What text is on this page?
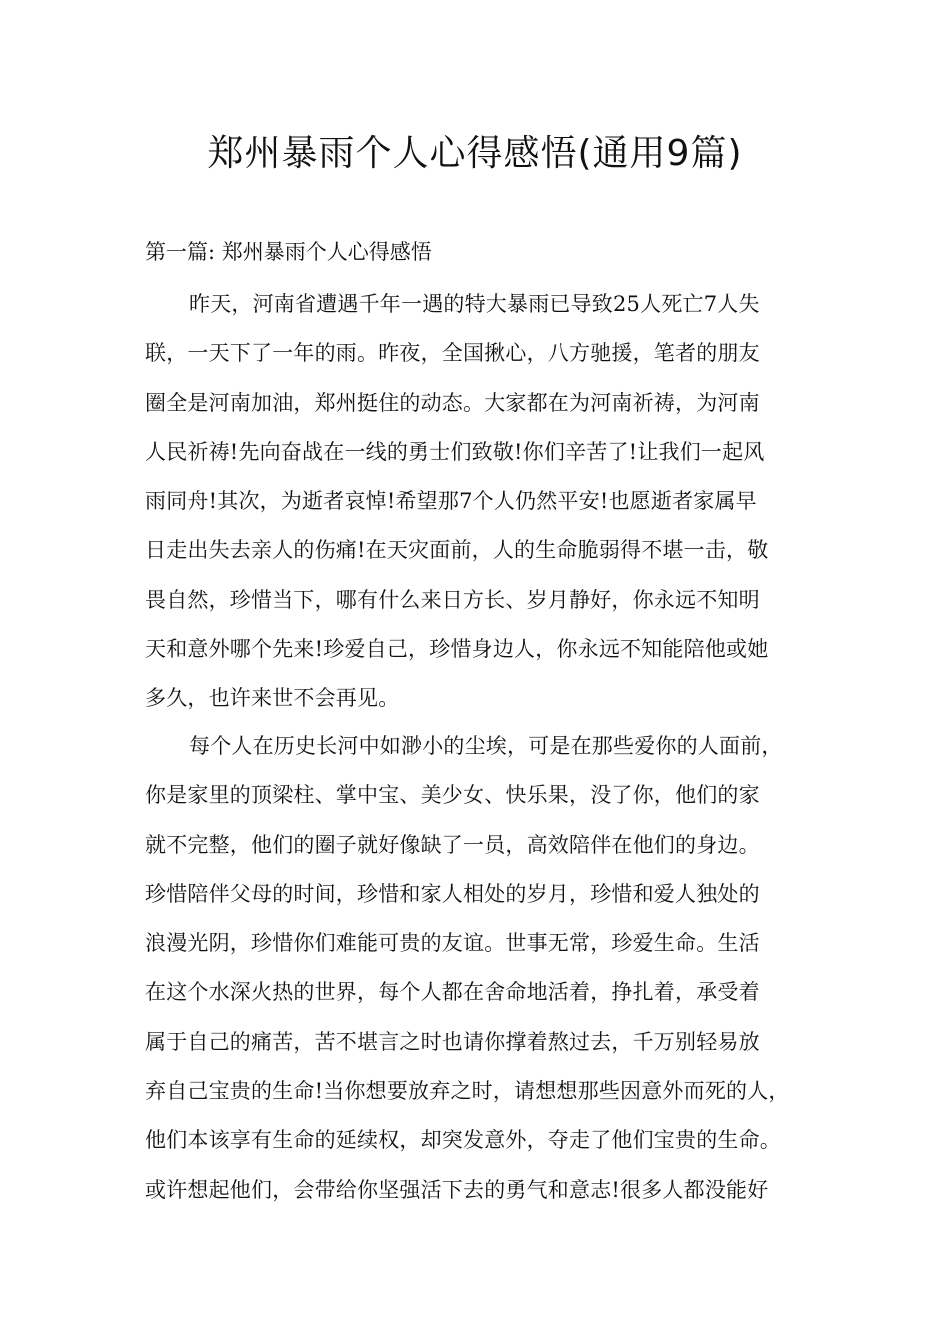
郑州暴雨个人心得感悟(通用9篇)
第一篇: 郑州暴雨个人心得感悟
昨天，河南省遭遇千年一遇的特大暴雨已导致25人死亡7人失
联，一天下了一年的雨。昨夜，全国揪心，八方驰援，笔者的朋友
圈全是河南加油，郑州挺住的动态。大家都在为河南祈祷，为河南
人民祈祷!先向奋战在一线的勇士们致敬!你们辛苦了!让我们一起风
雨同舟!其次，为逝者哀悼!希望那7个人仍然平安!也愿逝者家属早
日走出失去亲人的伤痛!在天灾面前，人的生命脆弱得不堪一击，敬
畏自然，珍惜当下，哪有什么来日方长、岁月静好，你永远不知明
天和意外哪个先来!珍爱自己，珍惜身边人，你永远不知能陪他或她
多久，也许来世不会再见。
每个人在历史长河中如渺小的尘埃，可是在那些爱你的人面前，
你是家里的顶梁柱、掌中宝、美少女、快乐果，没了你，他们的家
就不完整，他们的圈子就好像缺了一员，高效陪伴在他们的身边。
珍惜陪伴父母的时间，珍惜和家人相处的岁月，珍惜和爱人独处的
浪漫光阴，珍惜你们难能可贵的友谊。世事无常，珍爱生命。生活
在这个水深火热的世界，每个人都在舍命地活着，挣扎着，承受着
属于自己的痛苦，苦不堪言之时也请你撑着熬过去，千万别轻易放
弃自己宝贵的生命!当你想要放弃之时，请想想那些因意外而死的人，
他们本该享有生命的延续权，却突发意外，夺走了他们宝贵的生命。
或许想起他们，会带给你坚强活下去的勇气和意志!很多人都没能好
